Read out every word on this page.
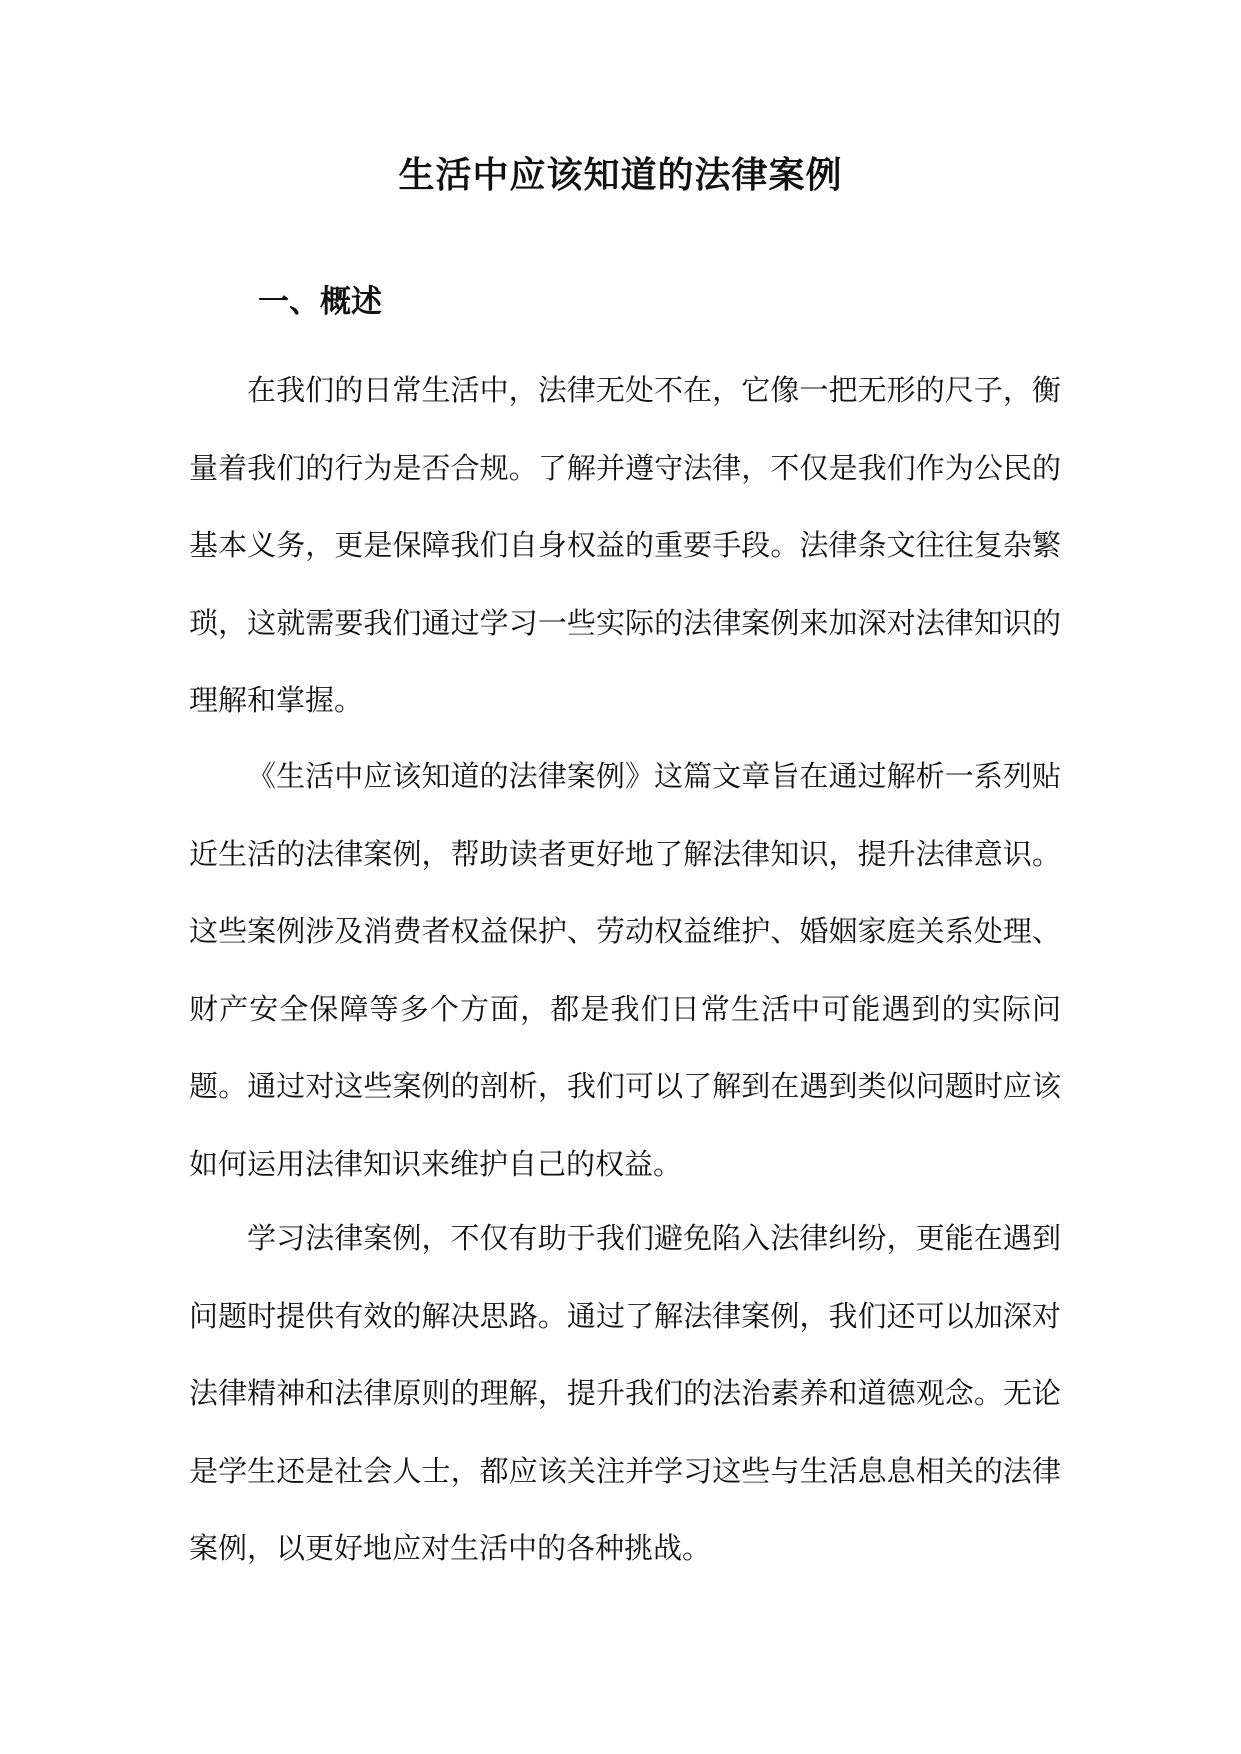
生活中应该知道的法律案例
一、概述

在我们的日常生活中，法律无处不在，它像一把无形的尺子，衡量着我们的行为是否合规。了解并遵守法律，不仅是我们作为公民的基本义务，更是保障我们自身权益的重要手段。法律条文往往复杂繁琐，这就需要我们通过学习一些实际的法律案例来加深对法律知识的理解和掌握。

《生活中应该知道的法律案例》这篇文章旨在通过解析一系列贴近生活的法律案例，帮助读者更好地了解法律知识，提升法律意识。这些案例涉及消费者权益保护、劳动权益维护、婚姻家庭关系处理、财产安全保障等多个方面，都是我们日常生活中可能遇到的实际问题。通过对这些案例的剖析，我们可以了解到在遇到类似问题时应该如何运用法律知识来维护自己的权益。

学习法律案例，不仅有助于我们避免陷入法律纠纷，更能在遇到问题时提供有效的解决思路。通过了解法律案例，我们还可以加深对法律精神和法律原则的理解，提升我们的法治素养和道德观念。无论是学生还是社会人士，都应该关注并学习这些与生活息息相关的法律案例，以更好地应对生活中的各种挑战。
